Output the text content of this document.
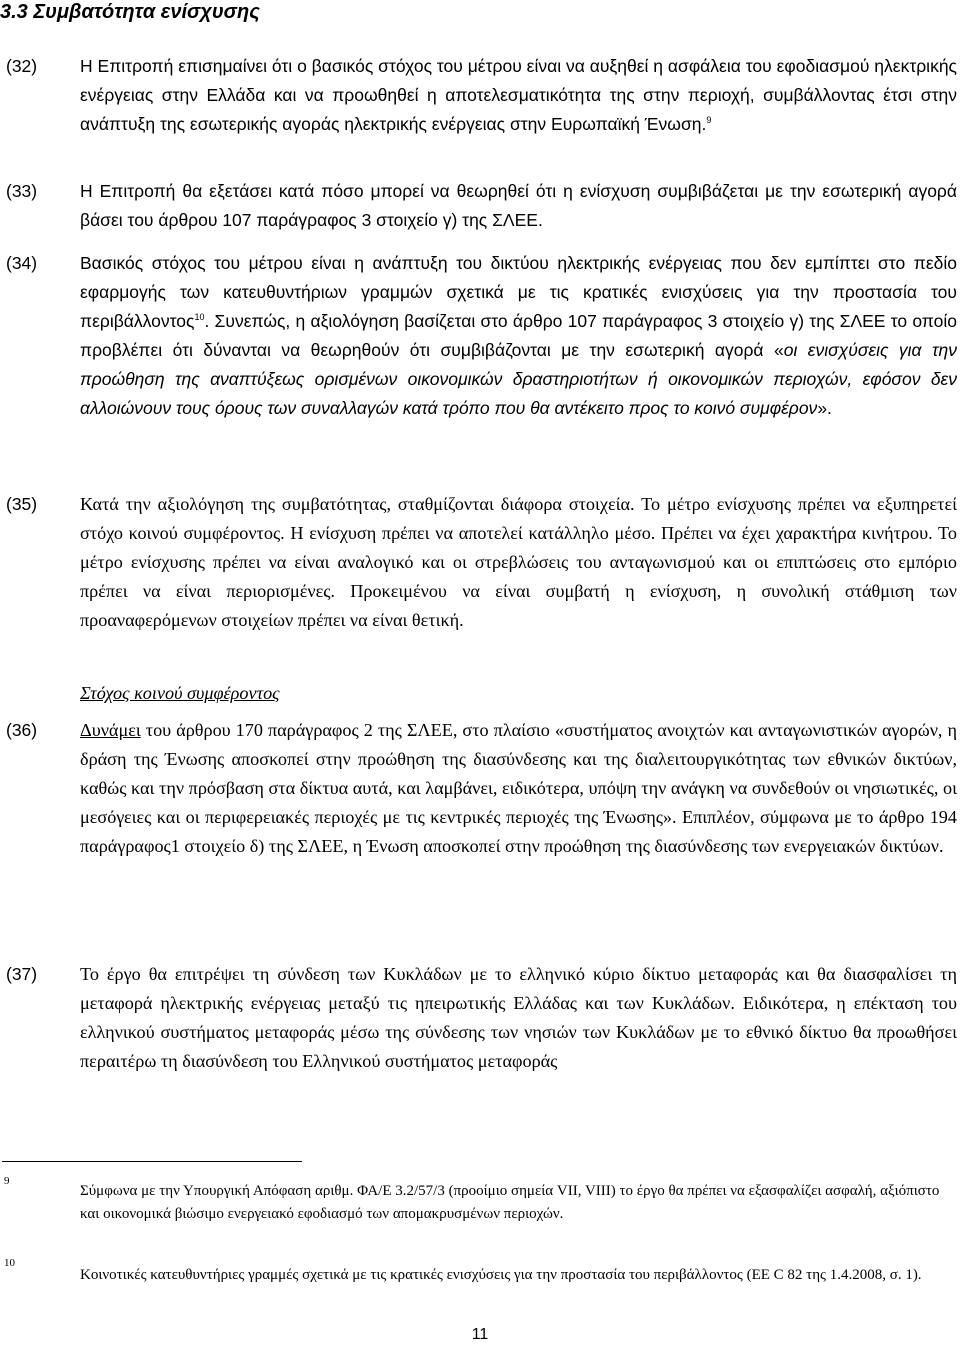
3.3 Συμβατότητα ενίσχυσης
(32) Η Επιτροπή επισημαίνει ότι ο βασικός στόχος του μέτρου είναι να αυξηθεί η ασφάλεια του εφοδιασμού ηλεκτρικής ενέργειας στην Ελλάδα και να προωθηθεί η αποτελεσματικότητα της στην περιοχή, συμβάλλοντας έτσι στην ανάπτυξη της εσωτερικής αγοράς ηλεκτρικής ενέργειας στην Ευρωπαϊκή Ένωση.$^9$
(33) Η Επιτροπή θα εξετάσει κατά πόσο μπορεί να θεωρηθεί ότι η ενίσχυση συμβιβάζεται με την εσωτερική αγορά βάσει του άρθρου 107 παράγραφος 3 στοιχείο γ) της ΣΛΕΕ.
(34) Βασικός στόχος του μέτρου είναι η ανάπτυξη του δικτύου ηλεκτρικής ενέργειας που δεν εμπίπτει στο πεδίο εφαρμογής των κατευθυντήριων γραμμών σχετικά με τις κρατικές ενισχύσεις για την προστασία του περιβάλλοντος$^{10}$. Συνεπώς, η αξιολόγηση βασίζεται στο άρθρο 107 παράγραφος 3 στοιχείο γ) της ΣΛΕΕ το οποίο προβλέπει ότι δύνανται να θεωρηθούν ότι συμβιβάζονται με την εσωτερική αγορά «οι ενισχύσεις για την προώθηση της αναπτύξεως ορισμένων οικονομικών δραστηριοτήτων ή οικονομικών περιοχών, εφόσον δεν αλλοιώνουν τους όρους των συναλλαγών κατά τρόπο που θα αντέκειτο προς το κοινό συμφέρον».
(35) Κατά την αξιολόγηση της συμβατότητας, σταθμίζονται διάφορα στοιχεία. Το μέτρο ενίσχυσης πρέπει να εξυπηρετεί στόχο κοινού συμφέροντος. Η ενίσχυση πρέπει να αποτελεί κατάλληλο μέσο. Πρέπει να έχει χαρακτήρα κινήτρου. Το μέτρο ενίσχυσης πρέπει να είναι αναλογικό και οι στρεβλώσεις του ανταγωνισμού και οι επιπτώσεις στο εμπόριο πρέπει να είναι περιορισμένες. Προκειμένου να είναι συμβατή η ενίσχυση, η συνολική στάθμιση των προαναφερόμενων στοιχείων πρέπει να είναι θετική.
Στόχος κοινού συμφέροντος
(36) Δυνάμει του άρθρου 170 παράγραφος 2 της ΣΛΕΕ, στο πλαίσιο «συστήματος ανοιχτών και ανταγωνιστικών αγορών, η δράση της Ένωσης αποσκοπεί στην προώθηση της διασύνδεσης και της διαλειτουργικότητας των εθνικών δικτύων, καθώς και την πρόσβαση στα δίκτυα αυτά, και λαμβάνει, ειδικότερα, υπόψη την ανάγκη να συνδεθούν οι νησιωτικές, οι μεσόγειες και οι περιφερειακές περιοχές με τις κεντρικές περιοχές της Ένωσης». Επιπλέον, σύμφωνα με το άρθρο 194 παράγραφος1 στοιχείο δ) της ΣΛΕΕ, η Ένωση αποσκοπεί στην προώθηση της διασύνδεσης των ενεργειακών δικτύων.
(37) Το έργο θα επιτρέψει τη σύνδεση των Κυκλάδων με το ελληνικό κύριο δίκτυο μεταφοράς και θα διασφαλίσει τη μεταφορά ηλεκτρικής ενέργειας μεταξύ τις ηπειρωτικής Ελλάδας και των Κυκλάδων. Ειδικότερα, η επέκταση του ελληνικού συστήματος μεταφοράς μέσω της σύνδεσης των νησιών των Κυκλάδων με το εθνικό δίκτυο θα προωθήσει περαιτέρω τη διασύνδεση του Ελληνικού συστήματος μεταφοράς
9
Σύμφωνα με την Υπουργική Απόφαση αριθμ. ΦΑ/Ε 3.2/57/3 (προοίμιο σημεία VII, VIII) το έργο θα πρέπει να εξασφαλίζει ασφαλή, αξιόπιστο και οικονομικά βιώσιμο ενεργειακό εφοδιασμό των απομακρυσμένων περιοχών.
10
Κοινοτικές κατευθυντήριες γραμμές σχετικά με τις κρατικές ενισχύσεις για την προστασία του περιβάλλοντος (ΕΕ C 82 της 1.4.2008, σ. 1).
11
